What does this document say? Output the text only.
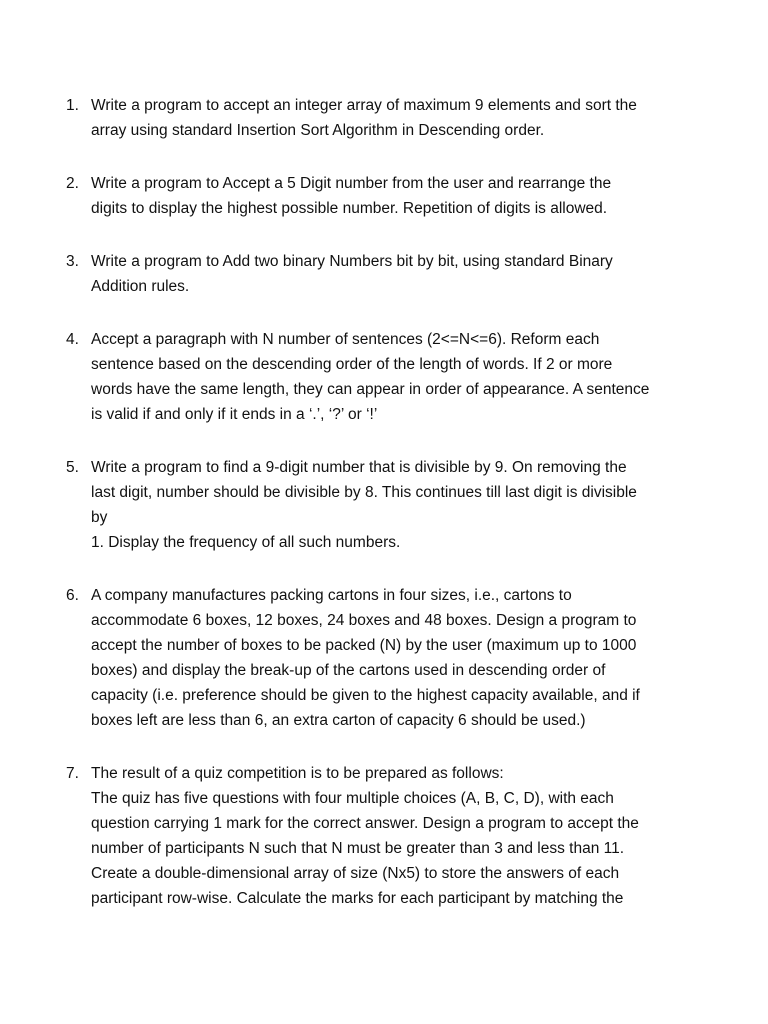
1. Write a program to accept an integer array of maximum 9 elements and sort the
array using standard Insertion Sort Algorithm in Descending order.
2. Write a program to Accept a 5 Digit number from the user and rearrange the
digits to display the highest possible number. Repetition of digits is allowed.
3. Write a program to Add two binary Numbers bit by bit, using standard Binary
Addition rules.
4. Accept a paragraph with N number of sentences (2<=N<=6). Reform each
sentence based on the descending order of the length of words. If 2 or more
words have the same length, they can appear in order of appearance. A sentence
is valid if and only if it ends in a ‘.’, ‘?’ or ‘!’
5. Write a program to find a 9-digit number that is divisible by 9. On removing the
last digit, number should be divisible by 8. This continues till last digit is divisible
by
1. Display the frequency of all such numbers.
6. A company manufactures packing cartons in four sizes, i.e., cartons to
accommodate 6 boxes, 12 boxes, 24 boxes and 48 boxes. Design a program to
accept the number of boxes to be packed (N) by the user (maximum up to 1000
boxes) and display the break-up of the cartons used in descending order of
capacity (i.e. preference should be given to the highest capacity available, and if
boxes left are less than 6, an extra carton of capacity 6 should be used.)
7. The result of a quiz competition is to be prepared as follows:
The quiz has five questions with four multiple choices (A, B, C, D), with each
question carrying 1 mark for the correct answer. Design a program to accept the
number of participants N such that N must be greater than 3 and less than 11.
Create a double-dimensional array of size (Nx5) to store the answers of each
participant row-wise. Calculate the marks for each participant by matching the
